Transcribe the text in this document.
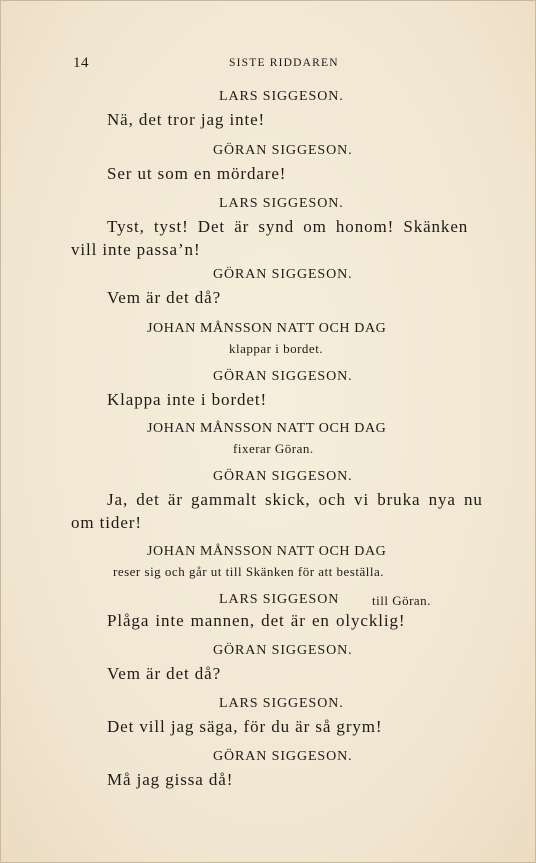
14	SISTE RIDDAREN
LARS SIGGESON.
Nä, det tror jag inte!
GÖRAN SIGGESON.
Ser ut som en mördare!
LARS SIGGESON.
Tyst, tyst! Det är synd om honom! Skänken
vill inte passa’n!
GÖRAN SIGGESON.
Vem är det då?
JOHAN MÅNSSON NATT OCH DAG
klappar i bordet.
GÖRAN SIGGESON.
Klappa inte i bordet!
JOHAN MÅNSSON NATT OCH DAG
fixerar Göran.
GÖRAN SIGGESON.
Ja, det är gammalt skick, och vi bruka nya nu
om tider!
JOHAN MÅNSSON NATT OCH DAG
reser sig och går ut till Skänken för att beställa.
LARS SIGGESON	till Göran.
Plåga inte mannen, det är en olycklig!
GÖRAN SIGGESON.
Vem är det då?
LARS SIGGESON.
Det vill jag säga, för du är så grym!
GÖRAN SIGGESON.
Må jag gissa då!
